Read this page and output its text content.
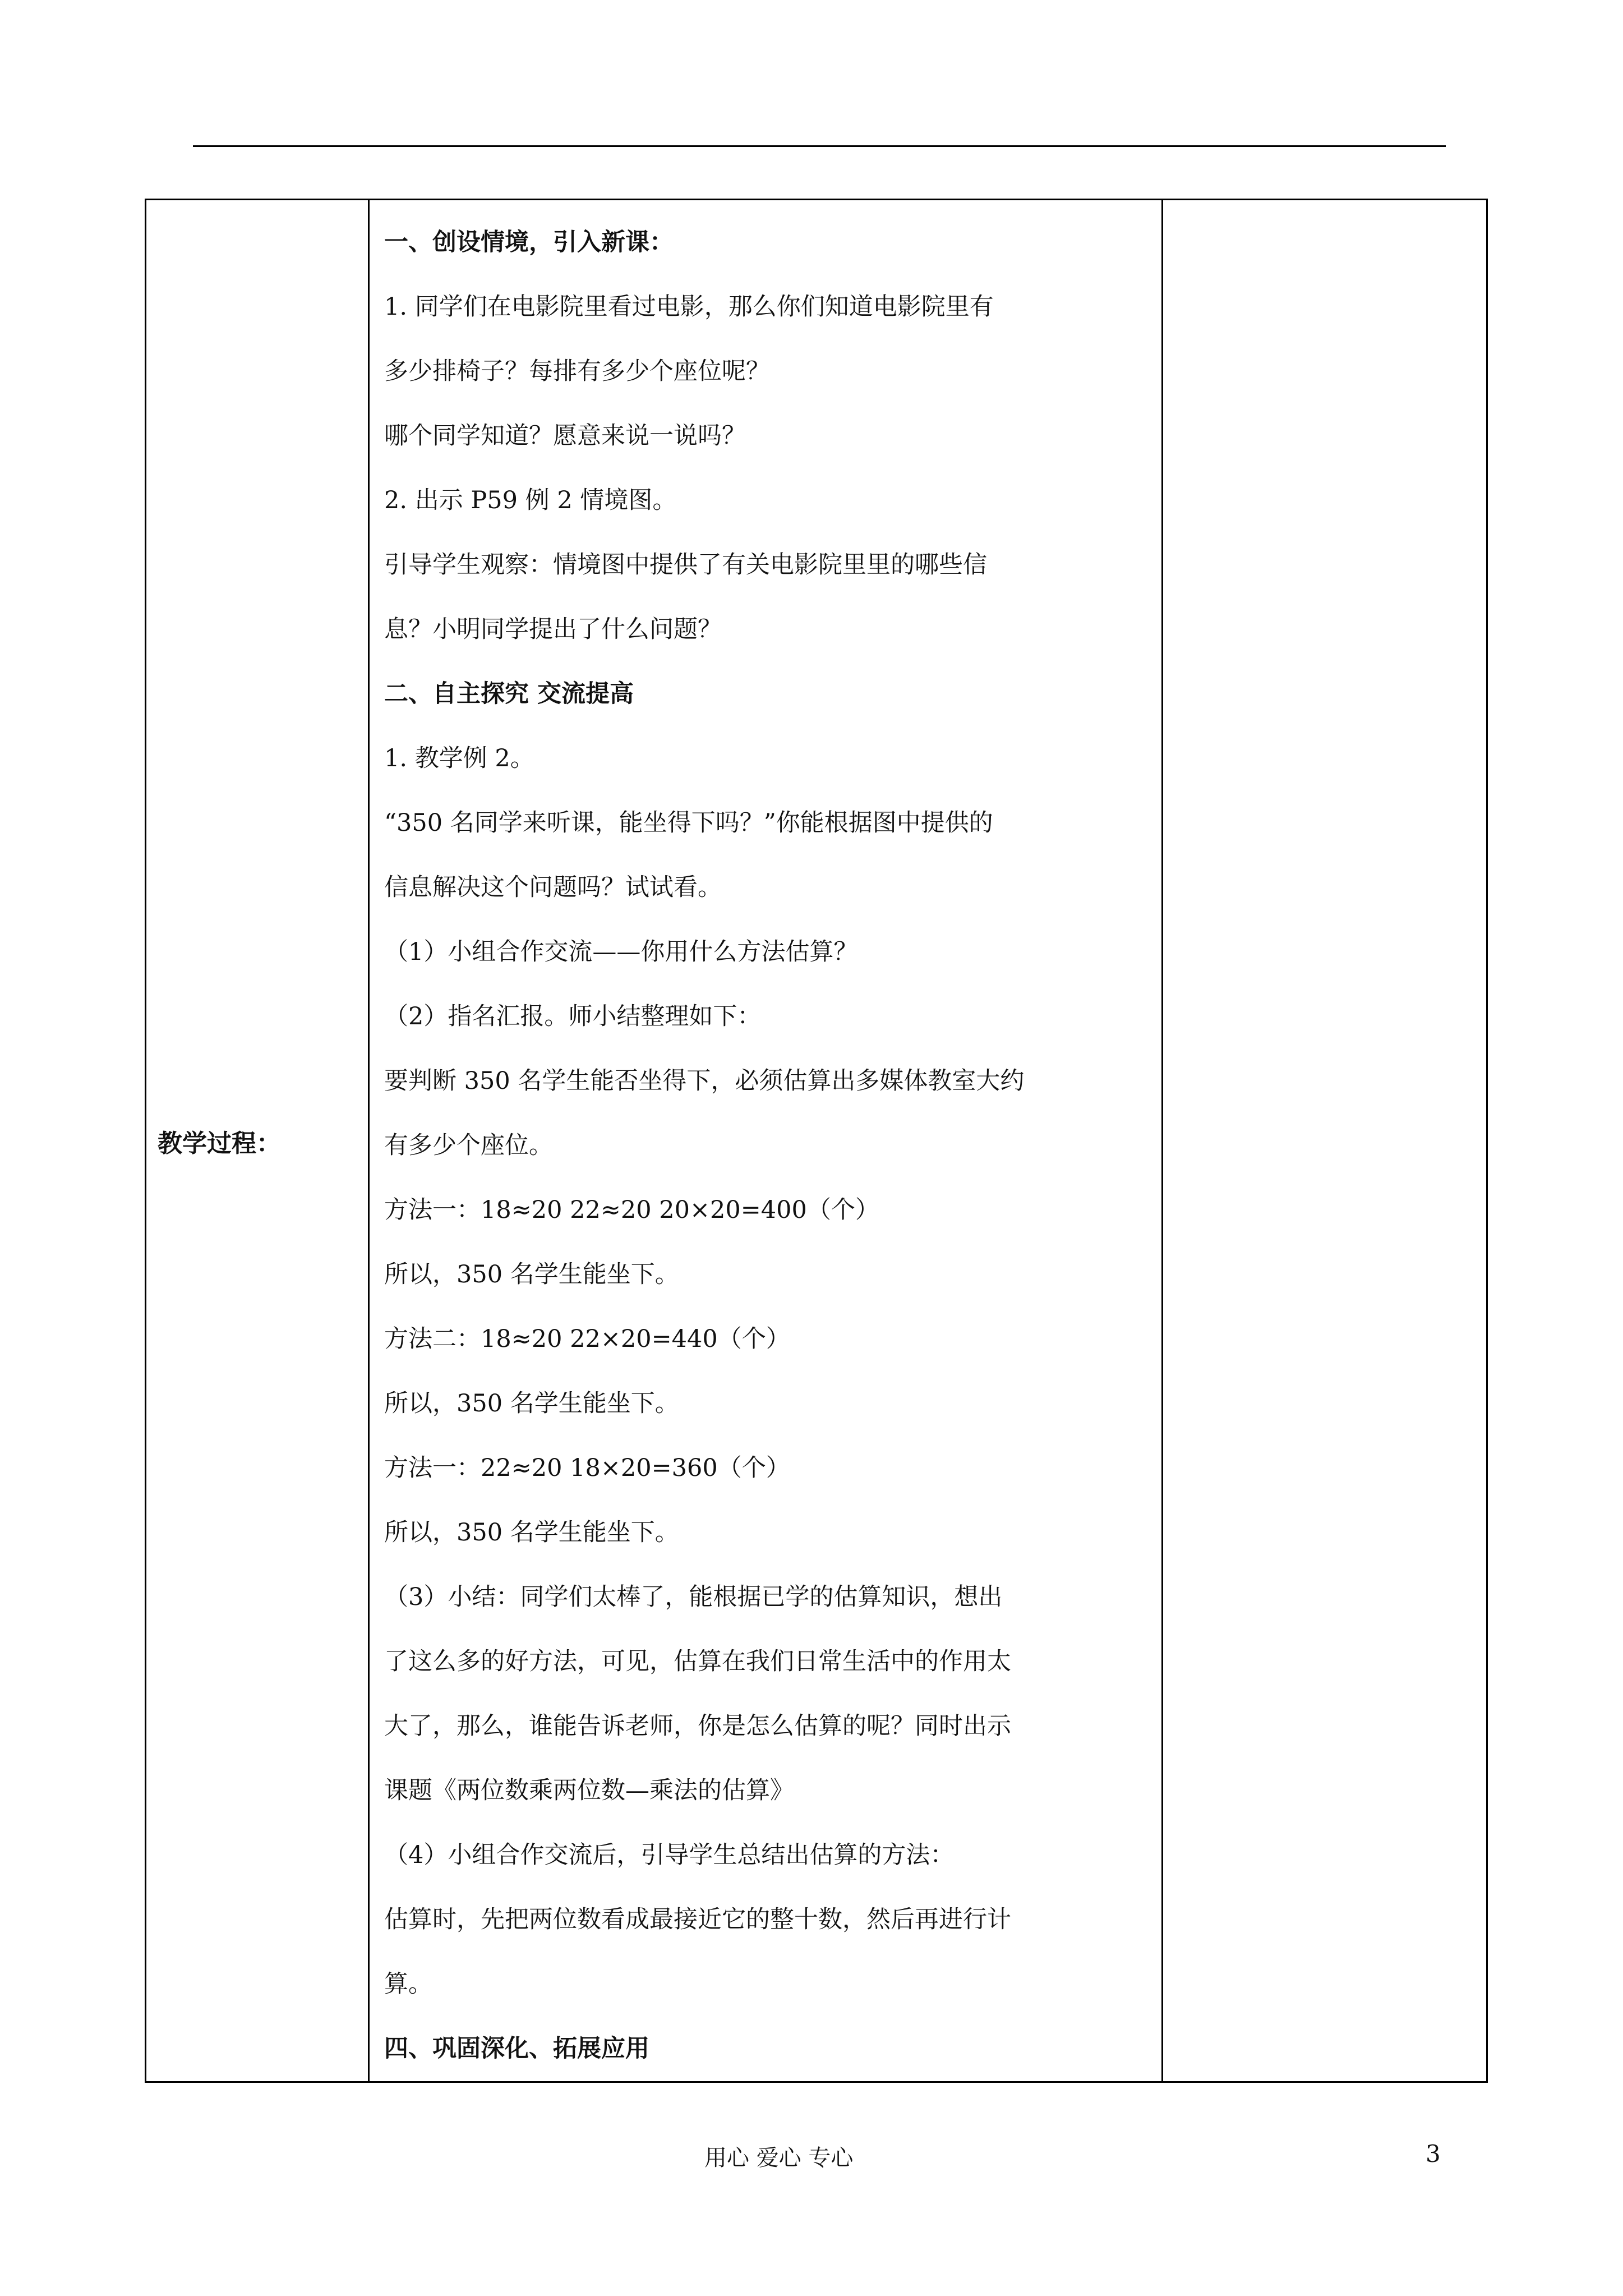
教学过程：

一、创设情境，引入新课：
1. 同学们在电影院里看过电影，那么你们知道电影院里有
多少排椅子？每排有多少个座位呢？
哪个同学知道？愿意来说一说吗？
2. 出示 P59 例 2 情境图。
引导学生观察：情境图中提供了有关电影院里里的哪些信
息？小明同学提出了什么问题？
二、自主探究 交流提高
1. 教学例 2。
“350 名同学来听课，能坐得下吗？”你能根据图中提供的
信息解决这个问题吗？试试看。
（1）小组合作交流——你用什么方法估算？
（2）指名汇报。师小结整理如下：
要判断 350 名学生能否坐得下，必须估算出多媒体教室大约
有多少个座位。
方法一：18≈20 22≈20 20×20=400（个）
所以，350 名学生能坐下。
方法二：18≈20 22×20=440（个）
所以，350 名学生能坐下。
方法一：22≈20 18×20=360（个）
所以，350 名学生能坐下。
（3）小结：同学们太棒了，能根据已学的估算知识，想出
了这么多的好方法，可见，估算在我们日常生活中的作用太
大了，那么，谁能告诉老师，你是怎么估算的呢？同时出示
课题《两位数乘两位数—乘法的估算》
（4）小组合作交流后，引导学生总结出估算的方法：
估算时，先把两位数看成最接近它的整十数，然后再进行计
算。
四、巩固深化、拓展应用

用心 爱心 专心	3
